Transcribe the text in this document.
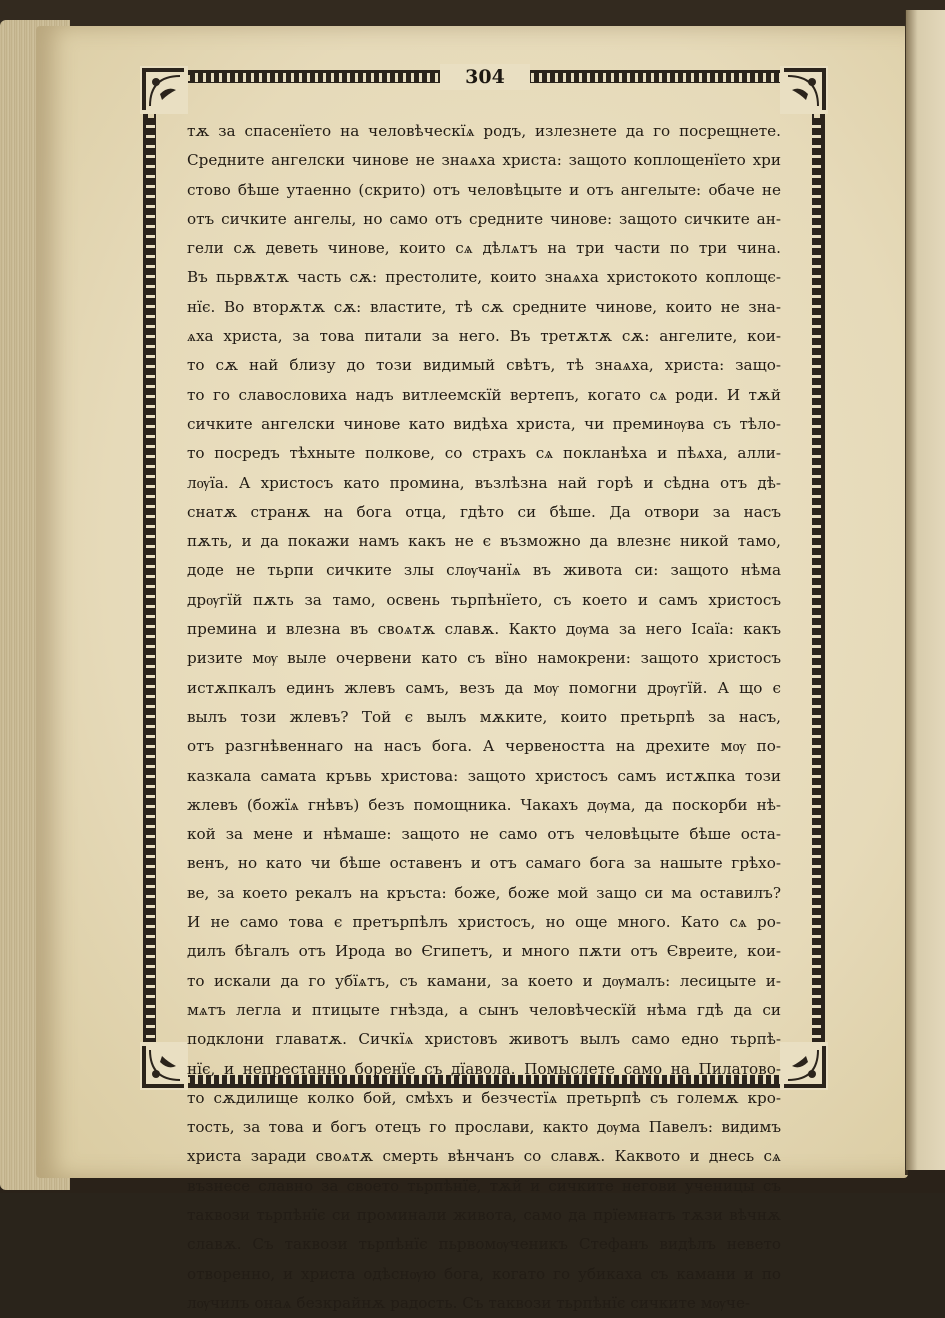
304
тѫ за спасенїето на человѣческїѧ родъ, излезнете да го посрещнете.
Средните ангелски чинове не знаѧха христа: защото коплощенїето хри
стово бѣше утаенно (скрито) отъ человѣцыте и отъ ангелыте: обаче не
отъ сичките ангелы, но само отъ средните чинове: защото сичките ан-
гели сѫ деветь чинове, които сѧ дѣлѧтъ на три части по три чина.
Въ пьрвѫтѫ часть сѫ: престолите, които знаѧха христокото коплощє-
нїє. Во вторѫтѫ сѫ: властите, тѣ сѫ средните чинове, които не зна-
ѧха христа, за това питали за него. Въ третѫтѫ сѫ: ангелите, кои-
то сѫ най близу до този видимый свѣтъ, тѣ знаѧха, христа: защо-
то го славословиха надъ витлеемскїй вертепъ, когато сѧ роди. И тѫй
сичките ангелски чинове като видѣха христа, чи преминѹва съ тѣло-
то посредъ тѣхныте полкове, со страхъ сѧ покланѣха и пѣѧха, алли-
лѹїа. А христосъ като промина, възлѣзна най горѣ и сѣдна отъ дѣ-
снатѫ странѫ на бога отца, гдѣто си бѣше. Да отвори за насъ
пѫть, и да покажи намъ какъ не є възможно да влезнє никой тамо,
доде не тьрпи сичките злы слѹчанїѧ въ живота си: защото нѣма
дрѹгїй пѫть за тамо, освень тьрпѣнїето, съ което и самъ христосъ
премина и влезна въ своѧтѫ славѫ. Както дѹма за него Ісаїа: какъ
ризите мѹ выле очервени като съ вїно намокрени: защото христосъ
истѫпкалъ единъ жлевъ самъ, везъ да мѹ помогни дрѹгїй. А що є
вылъ този жлевъ? Той є вылъ мѫките, които претьрпѣ за насъ,
отъ разгнѣвеннаго на насъ бога. А червеността на дрехите мѹ по-
казкала самата кръвь христова: защото христосъ самъ истѫпка този
жлевъ (божїѧ гнѣвъ) безъ помощника. Чакахъ дѹма, да поскорби нѣ-
кой за мене и нѣмаше: защото не само отъ человѣцыте бѣше оста-
венъ, но като чи бѣше оставенъ и отъ самаго бога за нашыте грѣхо-
ве, за което рекалъ на кръста: боже, боже мой защо си ма оставилъ?
И не само това є претърпѣлъ христосъ, но още много. Като сѧ ро-
дилъ бѣгалъ отъ Ирода во Єгипетъ, и много пѫти отъ Євреите, кои-
то искали да го убїѧтъ, съ камани, за което и дѹмалъ: лесицыте и-
мѧтъ легла и птицыте гнѣзда, а сынъ человѣческїй нѣма гдѣ да си
подклони главатѫ. Сичкїѧ христовъ животъ вылъ само едно тьрпѣ-
нїє, и непрестанно боренїе съ дїавола. Помыслете само на Пилатово-
то сѫдилище колко бой, смѣхъ и безчестїѧ претьрпѣ съ големѫ кро-
тость, за това и богъ отецъ го прослави, както дѹма Павелъ: видимъ
христа заради своѧтѫ смерть вѣнчанъ со славѫ. Каквото и днесь сѧ
възнесе славно за своето тьрпѣнїе, тѫй и сичките негови ученицы съ
таквози тьрпѣнїє си проминали живота, само да прїемнатъ тѫзи вѣчнѫ
славѫ. Съ таквози тьрпѣнїє пьрвомѹченикъ Стефанъ видѣлъ невето
отворенно, и христа одѣснѹю бога, когато го убикаха съ камани и по
лѹчилъ онаѧ безкрайнѫ радость. Съ таквози тьрпѣнїє сичките мѹче-
